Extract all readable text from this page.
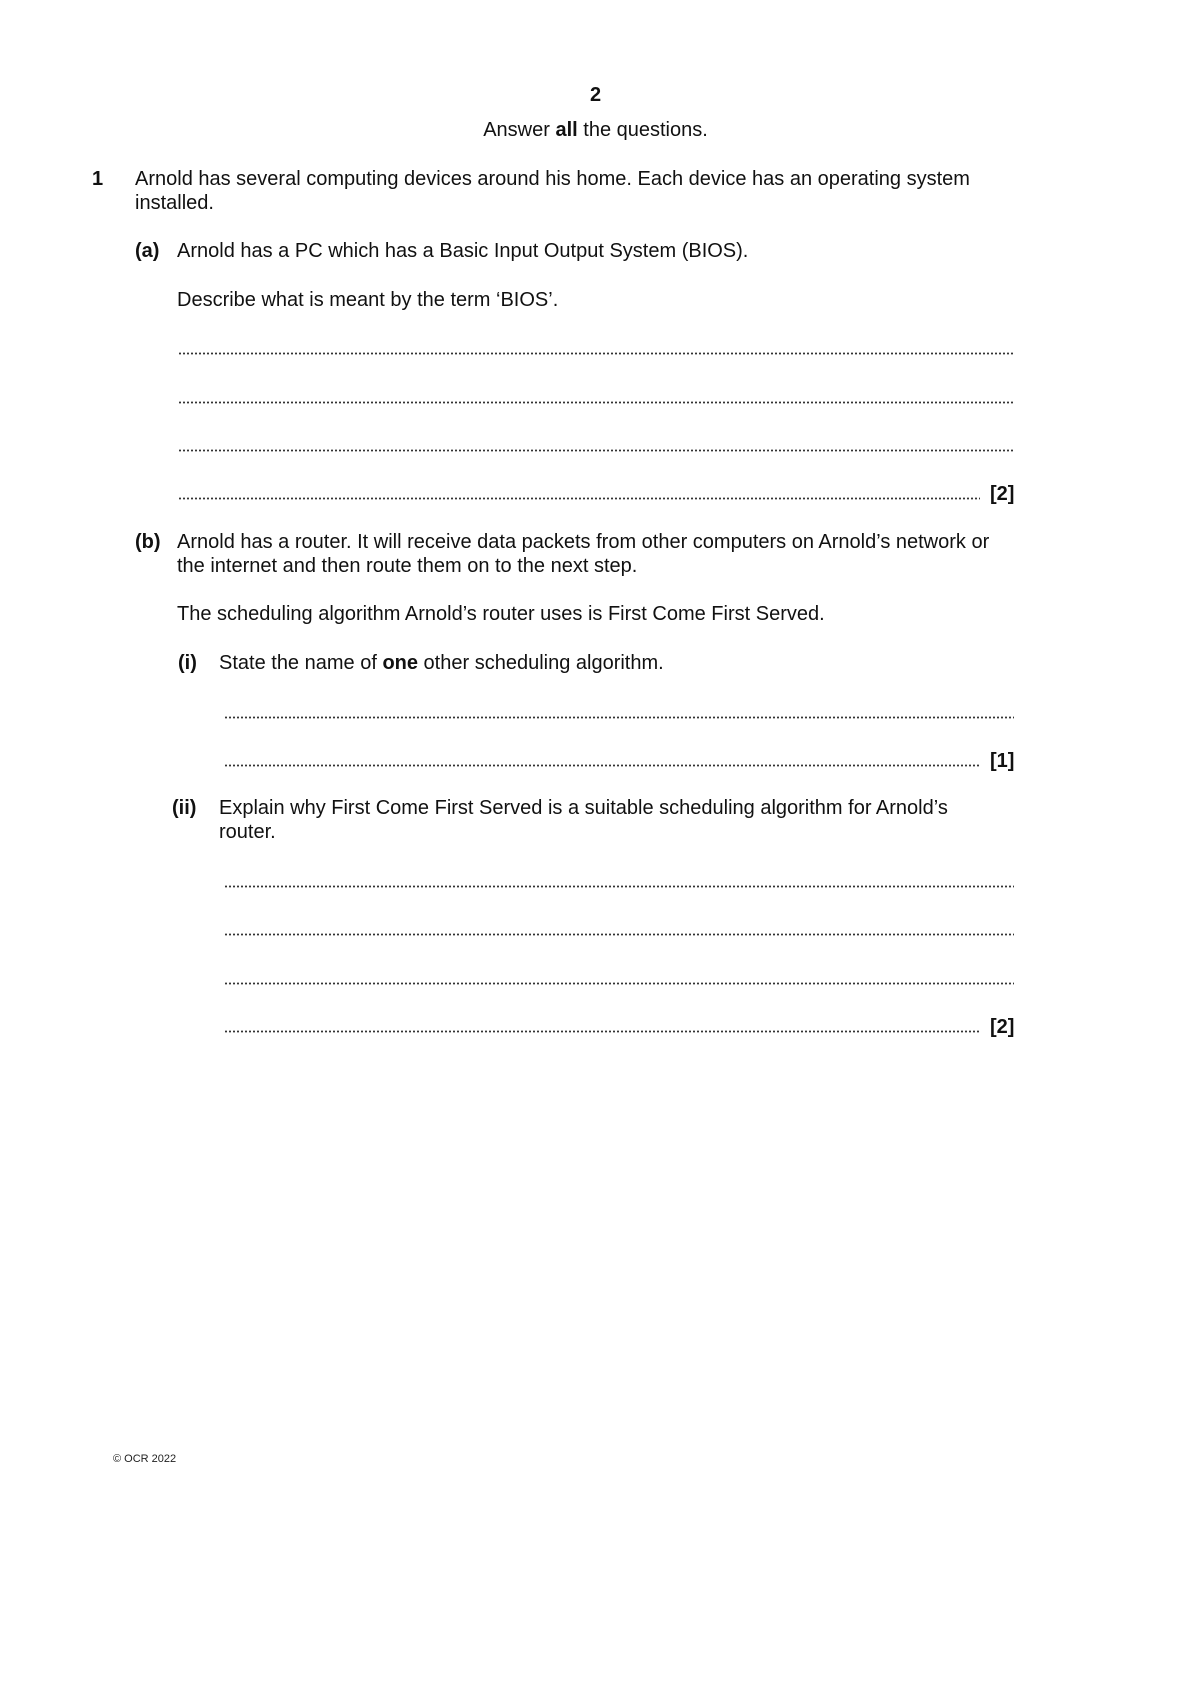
2
Answer all the questions.
1 Arnold has several computing devices around his home. Each device has an operating system
installed.
(a) Arnold has a PC which has a Basic Input Output System (BIOS).
Describe what is meant by the term ‘BIOS’.
[2]
(b) Arnold has a router. It will receive data packets from other computers on Arnold’s network or
the internet and then route them on to the next step.
The scheduling algorithm Arnold’s router uses is First Come First Served.
(i) State the name of one other scheduling algorithm.
[1]
(ii) Explain why First Come First Served is a suitable scheduling algorithm for Arnold’s
router.
[2]
© OCR 2022
